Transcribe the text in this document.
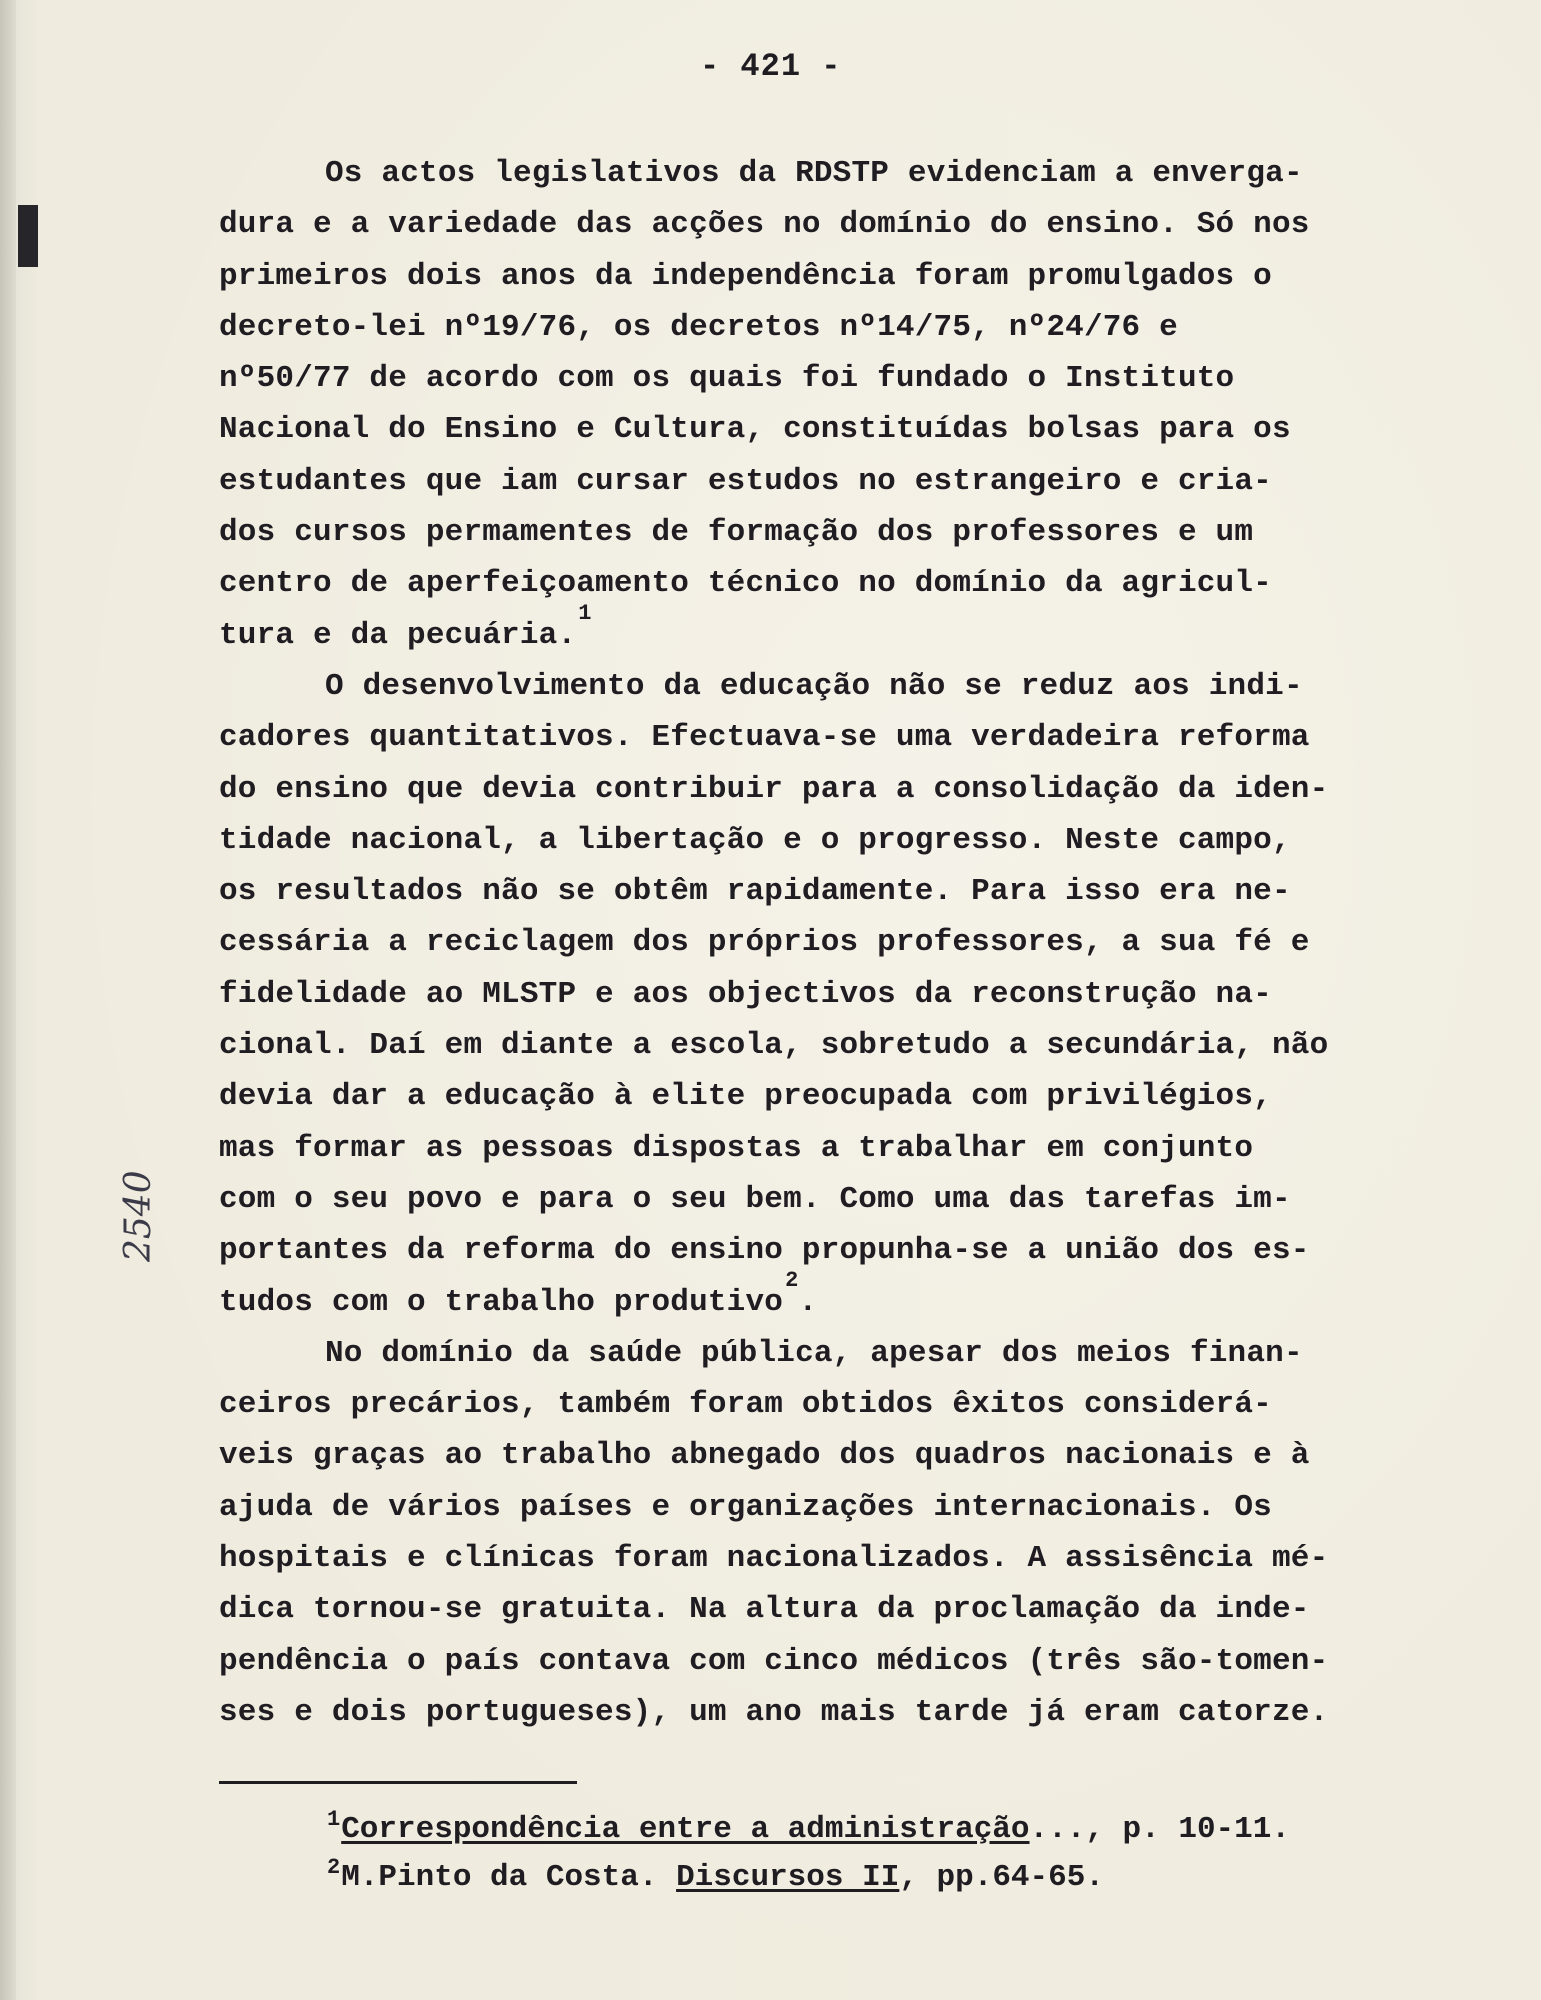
- 421 -
Os actos legislativos da RDSTP evidenciam a enverga-
dura e a variedade das acções no domínio do ensino. Só nos
primeiros dois anos da independência foram promulgados o
decreto-lei nº19/76, os decretos nº14/75, nº24/76 e
nº50/77 de acordo com os quais foi fundado o Instituto
Nacional do Ensino e Cultura, constituídas bolsas para os
estudantes que iam cursar estudos no estrangeiro e cria-
dos cursos permamentes de formação dos professores e um
centro de aperfeiçoamento técnico no domínio da agricul-
tura e da pecuária.$^1$
O desenvolvimento da educação não se reduz aos indi-
cadores quantitativos. Efectuava-se uma verdadeira reforma
do ensino que devia contribuir para a consolidação da iden-
tidade nacional, a libertação e o progresso. Neste campo,
os resultados não se obtêm rapidamente. Para isso era ne-
cessária a reciclagem dos próprios professores, a sua fé e
fidelidade ao MLSTP e aos objectivos da reconstrução na-
cional. Daí em diante a escola, sobretudo a secundária, não
devia dar a educação à elite preocupada com privilégios,
mas formar as pessoas dispostas a trabalhar em conjunto
com o seu povo e para o seu bem. Como uma das tarefas im-
portantes da reforma do ensino propunha-se a união dos es-
tudos com o trabalho produtivo$^2$.
No domínio da saúde pública, apesar dos meios finan-
ceiros precários, também foram obtidos êxitos considerá-
veis graças ao trabalho abnegado dos quadros nacionais e à
ajuda de vários países e organizações internacionais. Os
hospitais e clínicas foram nacionalizados. A assisência mé-
dica tornou-se gratuita. Na altura da proclamação da inde-
pendência o país contava com cinco médicos (três são-tomen-
ses e dois portugueses), um ano mais tarde já eram catorze.
$^1$Correspondência entre a administração..., p. 10-11.
$^2$M.Pinto da Costa. Discursos II, pp.64-65.
2540
